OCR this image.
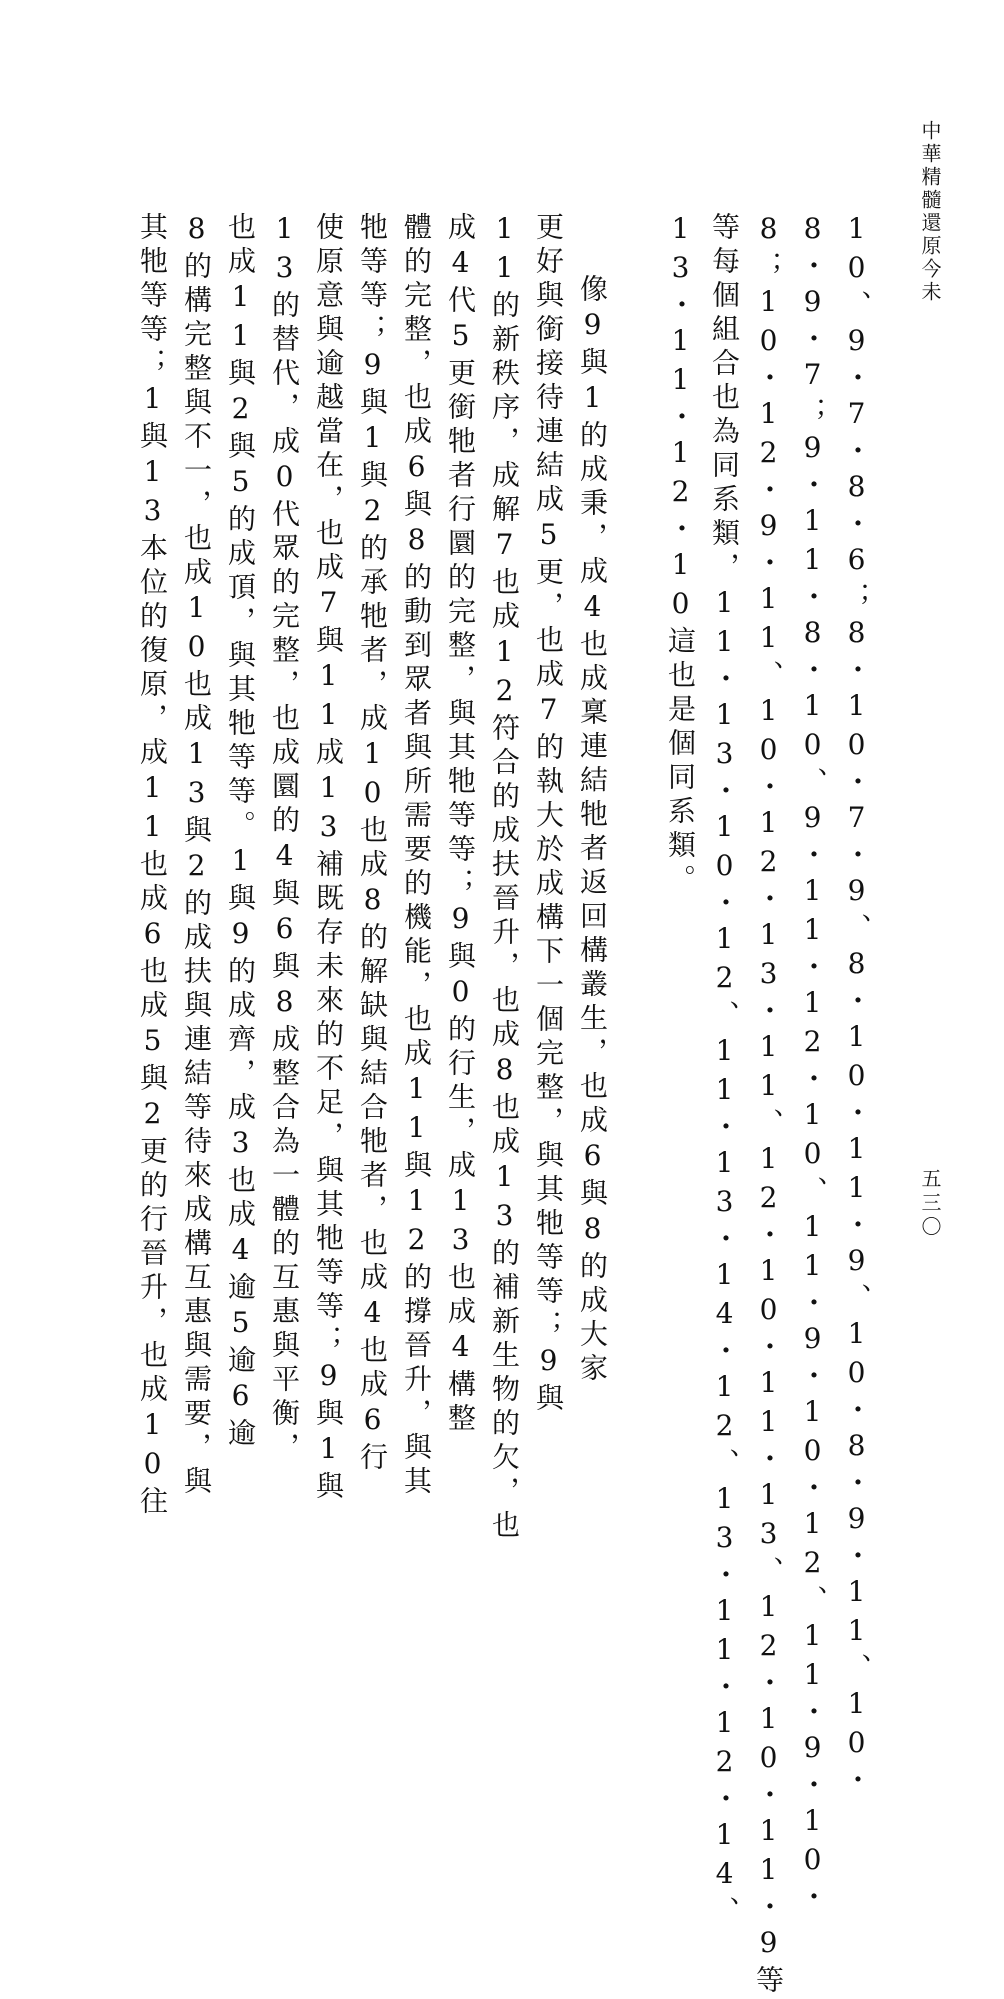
中華精髓還原今未
五三〇
10、9・7・8・6；8・10・7・9、8・10・11・9、10・8・9・11、10・
8・9・7；9・11・8・10、9・11・12・10、11・9・10・12、11・9・10・
8；10・12・9・11、10・12・13・11、12・10・11・13、12・10・11・9等
等每個組合也為同系類，11・13・10・12、11・13・14・12、13・11・12・14、
13・11・12・10這也是個同系類。
　像9與1的成秉，成4也成稟連結牠者返回構叢生，也成6與8的成大家
更好與銜接待連結成5更，也成7的執大於成構下一個完整，與其牠等等；9與
11的新秩序，成解7也成12符合的成扶晉升，也成8也成13的補新生物的欠，也
成4代5更銜牠者行圜的完整，與其牠等等；9與0的行生，成13也成4構整
體的完整，也成6與8的動到眾者與所需要的機能，也成11與12的撐晉升，與其
牠等等；9與1與2的承牠者，成10也成8的解缺與結合牠者，也成4也成6行
使原意與逾越當在，也成7與11成13補既存未來的不足，與其牠等等；9與1與
13的替代，成0代眾的完整，也成圜的4與6與8成整合為一體的互惠與平衡，
也成11與2與5的成頂，與其牠等等。1與9的成齊，成3也成4逾5逾6逾
8的構完整與不一，也成10也成13與2的成扶與連結等待來成構互惠與需要，與
其牠等等；1與13本位的復原，成11也成6也成5與2更的行晉升，也成10往
